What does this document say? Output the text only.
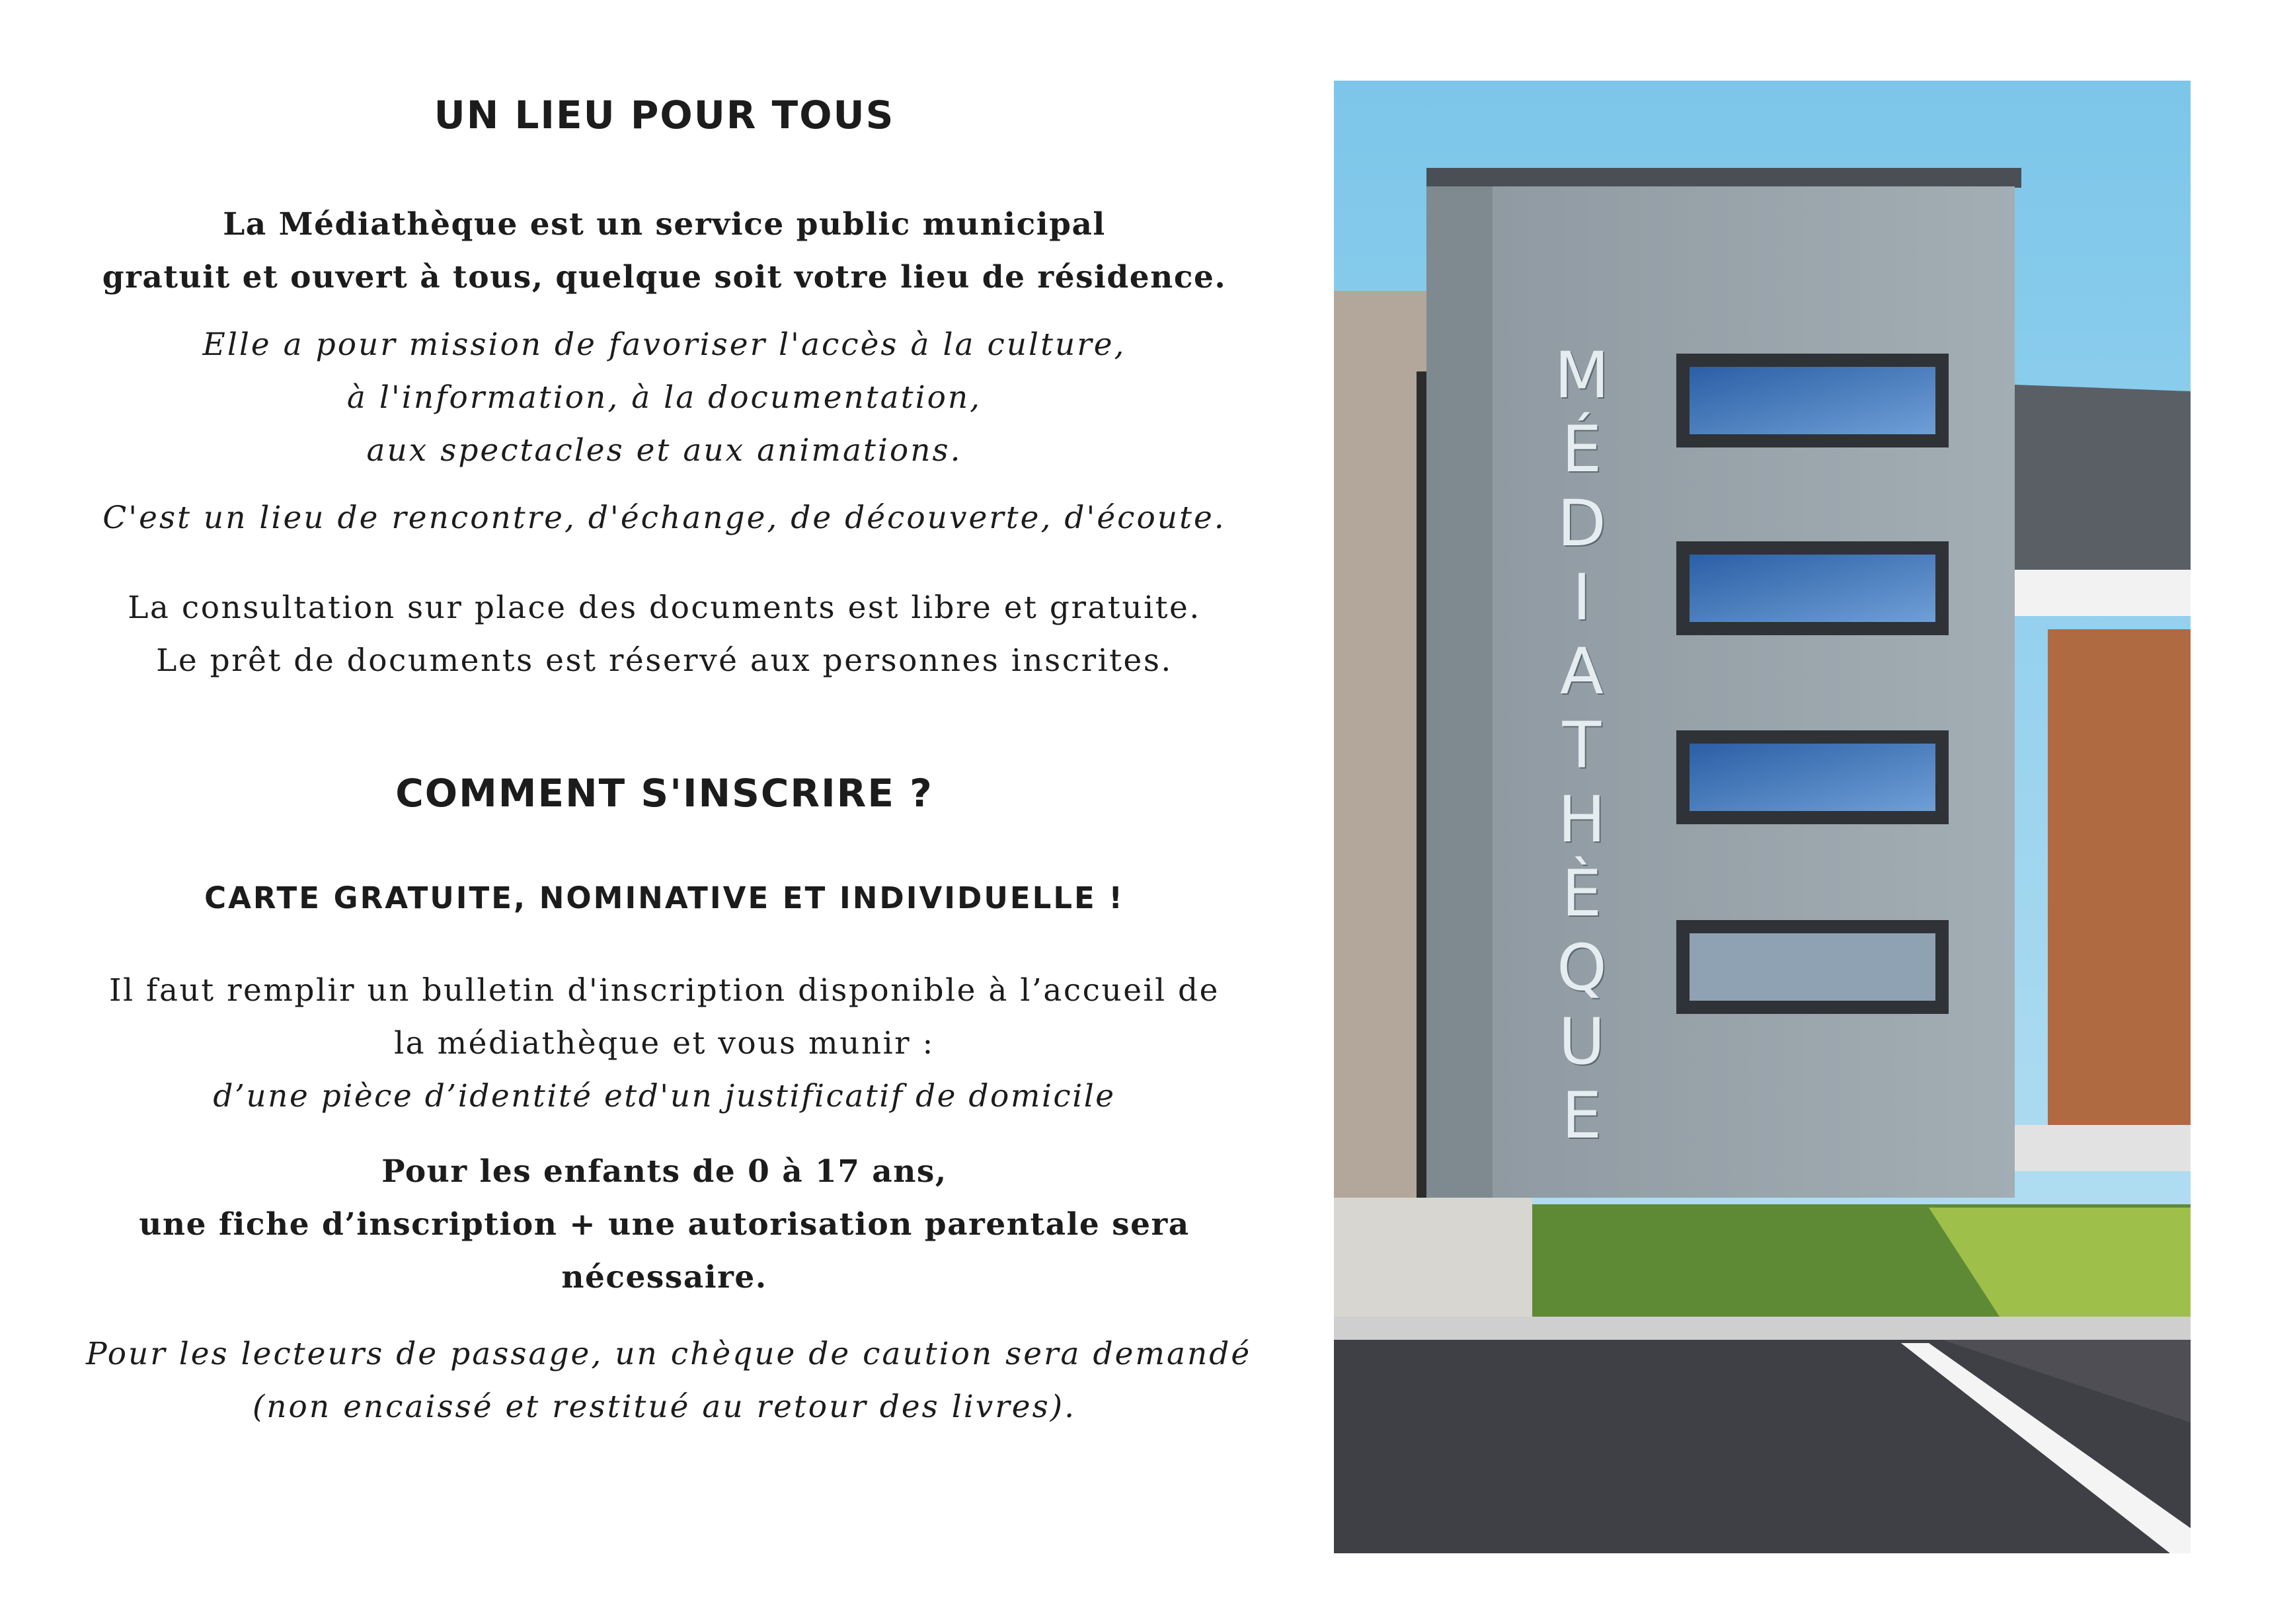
UN LIEU POUR TOUS

La Médiathèque est un service public municipal
gratuit et ouvert à tous, quelque soit votre lieu de résidence.

Elle a pour mission de favoriser l'accès à la culture,
à l'information, à la documentation,
aux spectacles et aux animations.

C'est un lieu de rencontre, d'échange, de découverte, d'écoute.

La consultation sur place des documents est libre et gratuite.
Le prêt de documents est réservé aux personnes inscrites.

COMMENT S'INSCRIRE ?

CARTE GRATUITE, NOMINATIVE ET INDIVIDUELLE !

Il faut remplir un bulletin d'inscription disponible à l’accueil de
la médiathèque et vous munir :
d’une pièce d’identité etd'un justificatif de domicile

Pour les enfants de 0 à 17 ans,
une fiche d’inscription + une autorisation parentale sera
nécessaire.

Pour les lecteurs de passage, un chèque de caution sera demandé
(non encaissé et restitué au retour des livres).

M
É
D
I
A
T
H
È
Q
U
E
